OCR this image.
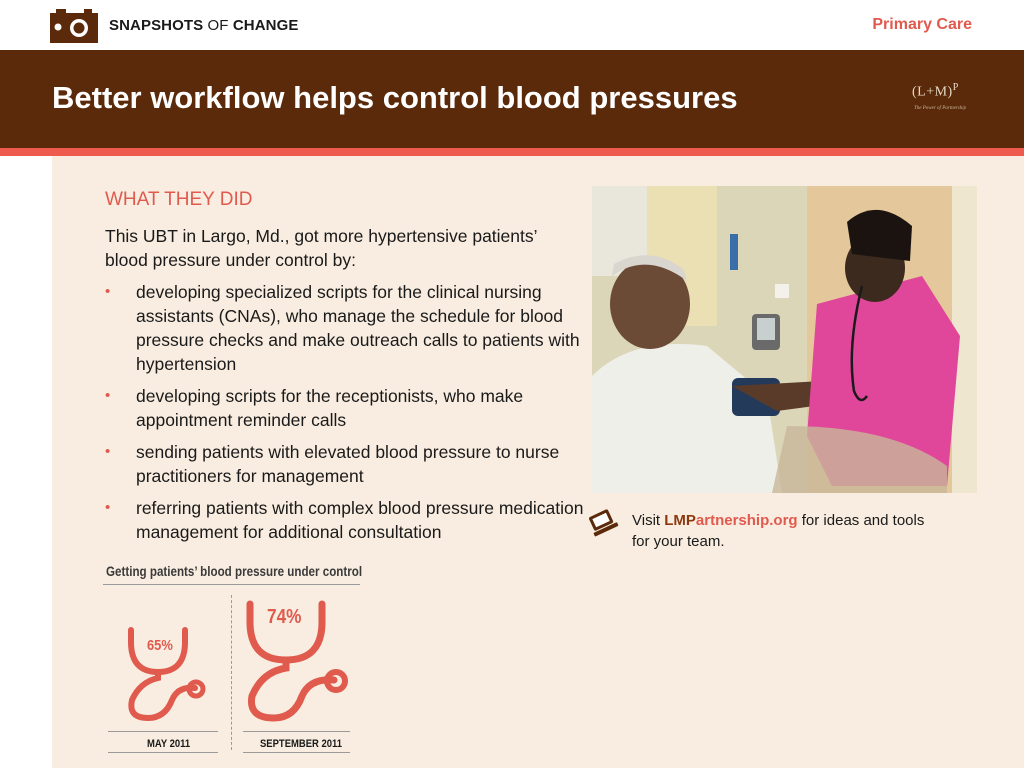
SNAPSHOTS OF CHANGE	Primary Care
Better workflow helps control blood pressures	$(L+M)^P$
The Power of Partnership
WHAT THEY DID
This UBT in Largo, Md., got more hypertensive patients’ blood pressure under control by:
• developing specialized scripts for the clinical nursing assistants (CNAs), who manage the schedule for blood pressure checks and make outreach calls to patients with hypertension
• developing scripts for the receptionists, who make appointment reminder calls
• sending patients with elevated blood pressure to nurse practitioners for management
• referring patients with complex blood pressure medication management for additional consultation
Visit LMPartnership.org for ideas and tools for your team.
Getting patients’ blood pressure under control
65%
74%
MAY 2011	SEPTEMBER 2011
